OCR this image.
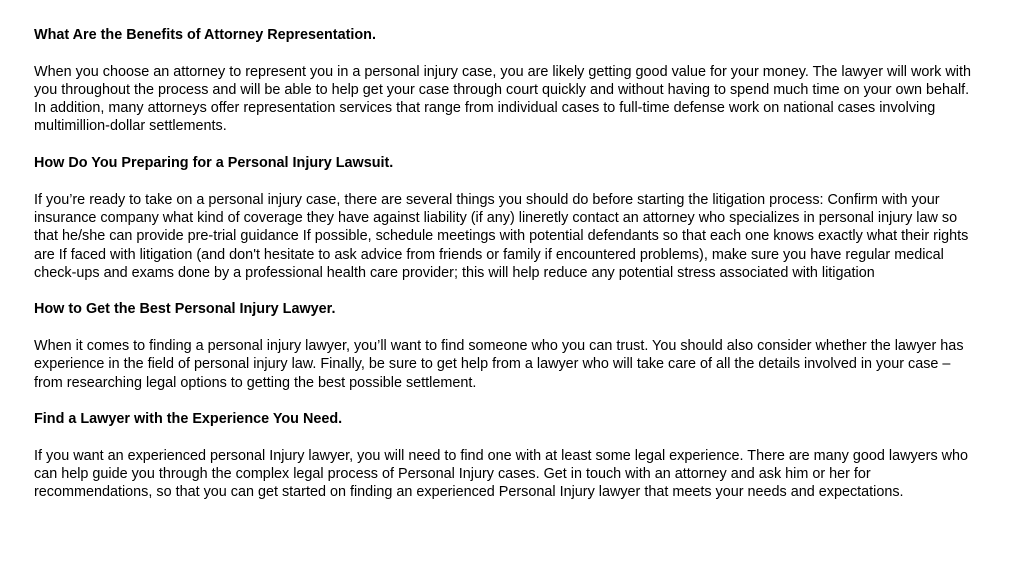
What Are the Benefits of Attorney Representation.

When you choose an attorney to represent you in a personal injury case, you are likely getting good value for your money. The lawyer will work with you throughout the process and will be able to help get your case through court quickly and without having to spend much time on your own behalf. In addition, many attorneys offer representation services that range from individual cases to full-time defense work on national cases involving multimillion-dollar settlements.

How Do You Preparing for a Personal Injury Lawsuit.

If you’re ready to take on a personal injury case, there are several things you should do before starting the litigation process: Confirm with your insurance company what kind of coverage they have against liability (if any) lineretly contact an attorney who specializes in personal injury law so that he/she can provide pre-trial guidance If possible, schedule meetings with potential defendants so that each one knows exactly what their rights are If faced with litigation (and don't hesitate to ask advice from friends or family if encountered problems), make sure you have regular medical check-ups and exams done by a professional health care provider; this will help reduce any potential stress associated with litigation

How to Get the Best Personal Injury Lawyer.

When it comes to finding a personal injury lawyer, you’ll want to find someone who you can trust. You should also consider whether the lawyer has experience in the field of personal injury law. Finally, be sure to get help from a lawyer who will take care of all the details involved in your case – from researching legal options to getting the best possible settlement.

Find a Lawyer with the Experience You Need.

If you want an experienced personal Injury lawyer, you will need to find one with at least some legal experience. There are many good lawyers who can help guide you through the complex legal process of Personal Injury cases. Get in touch with an attorney and ask him or her for recommendations, so that you can get started on finding an experienced Personal Injury lawyer that meets your needs and expectations.
